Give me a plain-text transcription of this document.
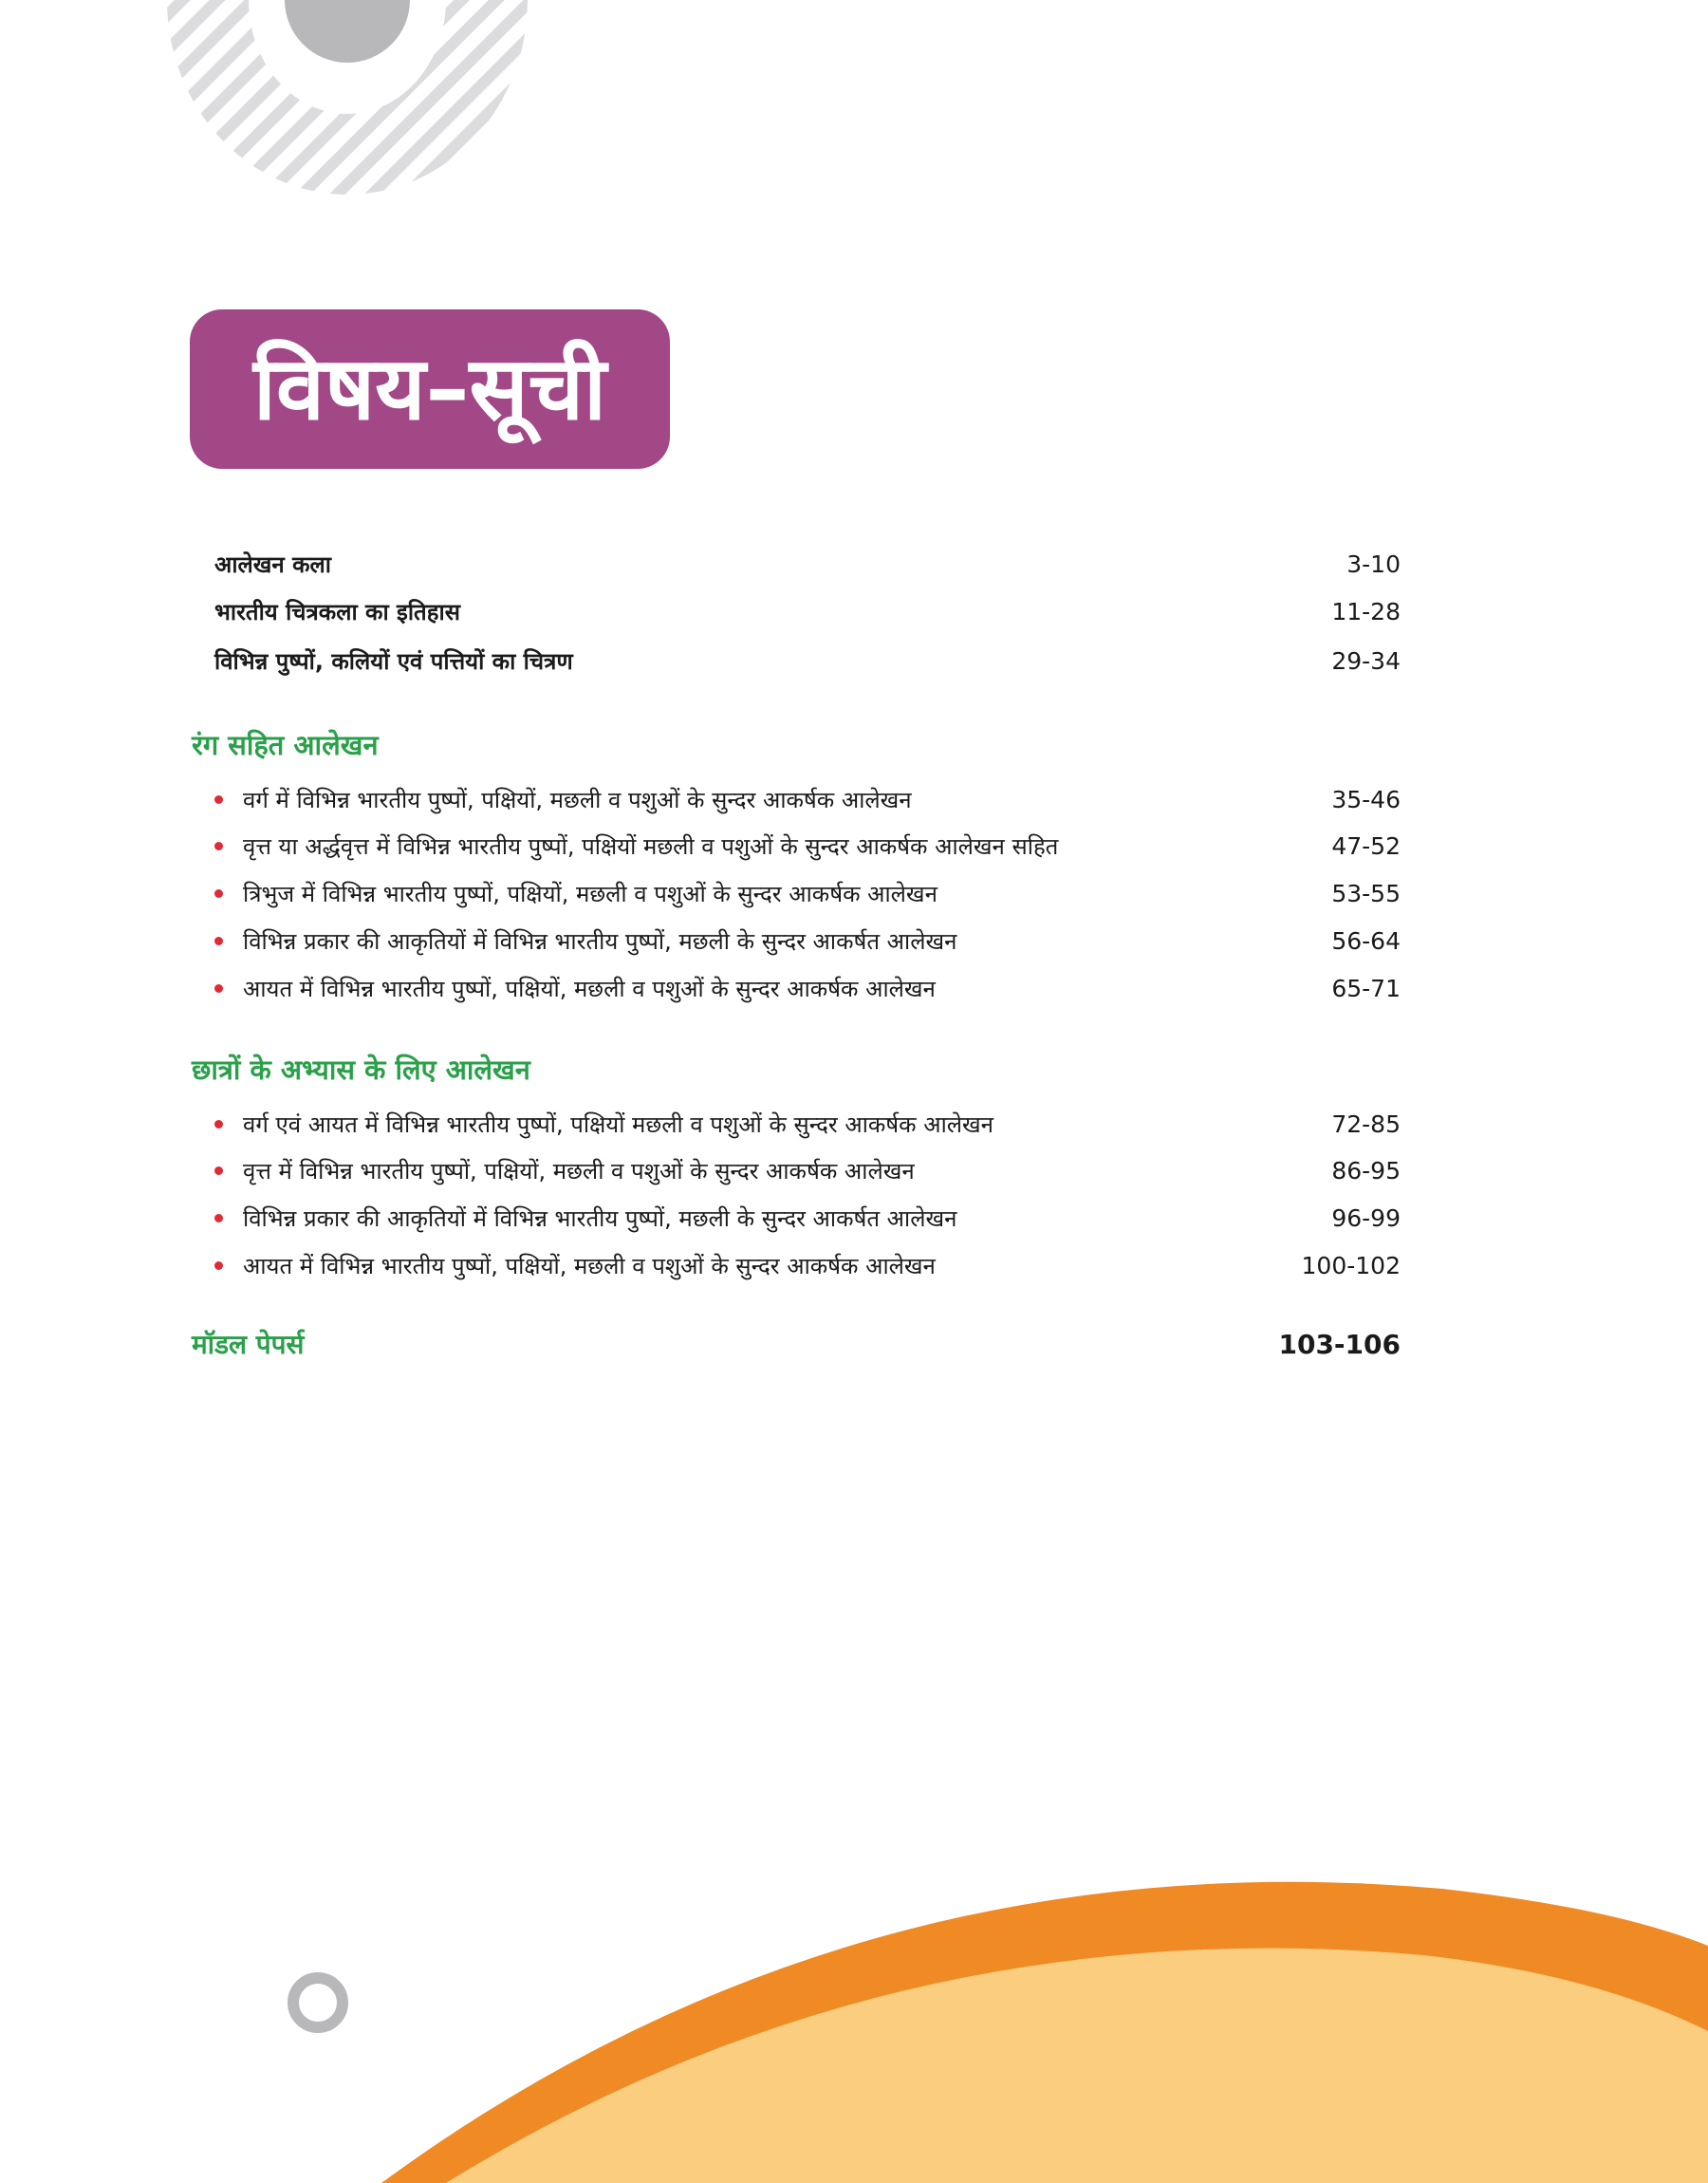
विषय–सूची
आलेखन कला	3-10
भारतीय चित्रकला का इतिहास	11-28
विभिन्न पुष्पों, कलियों एवं पत्तियों का चित्रण	29-34
रंग सहित आलेखन
वर्ग में विभिन्न भारतीय पुष्पों, पक्षियों, मछली व पशुओं के सुन्दर आकर्षक आलेखन	35-46
वृत्त या अर्द्धवृत्त में विभिन्न भारतीय पुष्पों, पक्षियों मछली व पशुओं के सुन्दर आकर्षक आलेखन सहित	47-52
त्रिभुज में विभिन्न भारतीय पुष्पों, पक्षियों, मछली व पशुओं के सुन्दर आकर्षक आलेखन	53-55
विभिन्न प्रकार की आकृतियों में विभिन्न भारतीय पुष्पों, मछली के सुन्दर आकर्षत आलेखन	56-64
आयत में विभिन्न भारतीय पुष्पों, पक्षियों, मछली व पशुओं के सुन्दर आकर्षक आलेखन	65-71
छात्रों के अभ्यास के लिए आलेखन
वर्ग एवं आयत में विभिन्न भारतीय पुष्पों, पक्षियों मछली व पशुओं के सुन्दर आकर्षक आलेखन	72-85
वृत्त में विभिन्न भारतीय पुष्पों, पक्षियों, मछली व पशुओं के सुन्दर आकर्षक आलेखन	86-95
विभिन्न प्रकार की आकृतियों में विभिन्न भारतीय पुष्पों, मछली के सुन्दर आकर्षत आलेखन	96-99
आयत में विभिन्न भारतीय पुष्पों, पक्षियों, मछली व पशुओं के सुन्दर आकर्षक आलेखन	100-102
मॉडल पेपर्स	103-106
